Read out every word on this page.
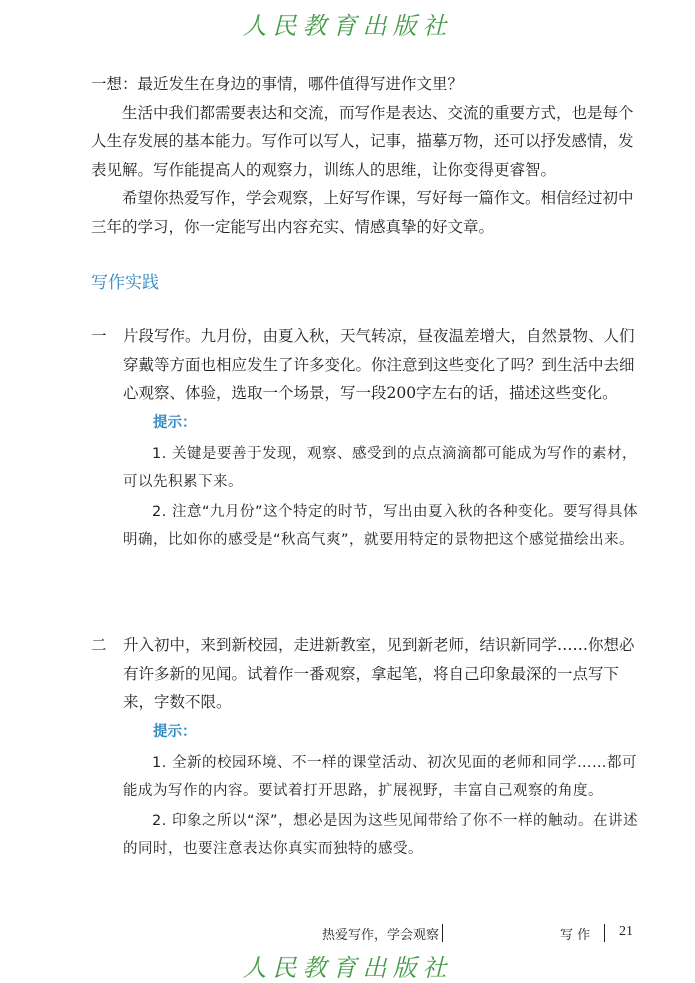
人民教育出版社

一想：最近发生在身边的事情，哪件值得写进作文里？

生活中我们都需要表达和交流，而写作是表达、交流的重要方式，也是每个人生存发展的基本能力。写作可以写人，记事，描摹万物，还可以抒发感情，发表见解。写作能提高人的观察力，训练人的思维，让你变得更睿智。

希望你热爱写作，学会观察，上好写作课，写好每一篇作文。相信经过初中三年的学习，你一定能写出内容充实、情感真挚的好文章。

写作实践
一 片段写作。九月份，由夏入秋，天气转凉，昼夜温差增大，自然景物、人们穿戴等方面也相应发生了许多变化。你注意到这些变化了吗？到生活中去细心观察、体验，选取一个场景，写一段200字左右的话，描述这些变化。
提示：
1. 关键是要善于发现，观察、感受到的点点滴滴都可能成为写作的素材，可以先积累下来。
2. 注意“九月份”这个特定的时节，写出由夏入秋的各种变化。要写得具体明确，比如你的感受是“秋高气爽”，就要用特定的景物把这个感觉描绘出来。
二 升入初中，来到新校园，走进新教室，见到新老师，结识新同学……你想必有许多新的见闻。试着作一番观察，拿起笔，将自己印象最深的一点写下来，字数不限。
提示：
1. 全新的校园环境、不一样的课堂活动、初次见面的老师和同学……都可能成为写作的内容。要试着打开思路，扩展视野，丰富自己观察的角度。
2. 印象之所以“深”，想必是因为这些见闻带给了你不一样的触动。在讲述的同时，也要注意表达你真实而独特的感受。
热爱写作，学会观察	写 作 21
人民教育出版社
